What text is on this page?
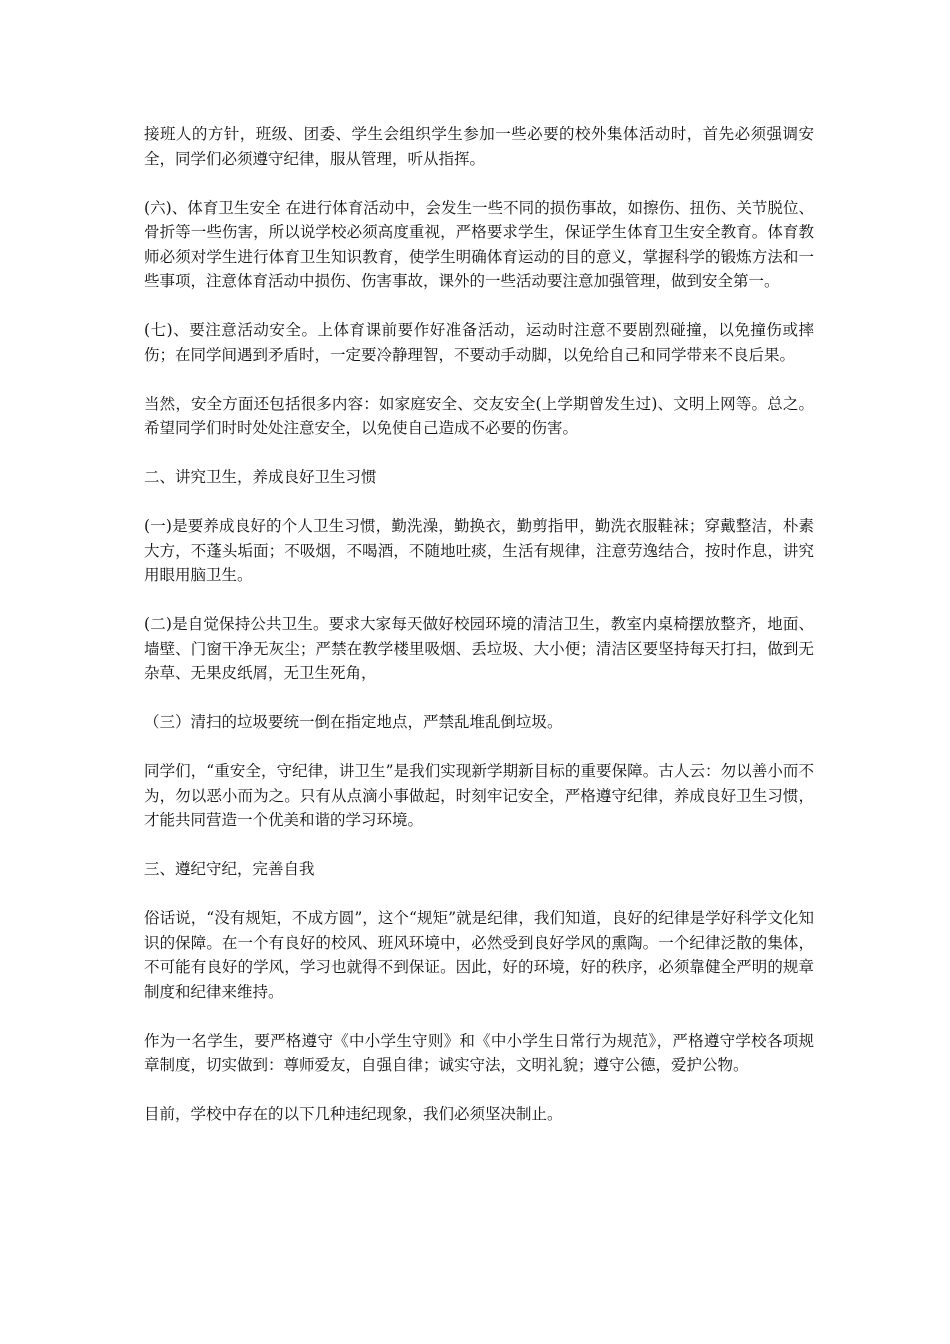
接班人的方针，班级、团委、学生会组织学生参加一些必要的校外集体活动时，首先必须强调安全，同学们必须遵守纪律，服从管理，听从指挥。

(六)、体育卫生安全 在进行体育活动中，会发生一些不同的损伤事故，如擦伤、扭伤、关节脱位、骨折等一些伤害，所以说学校必须高度重视，严格要求学生，保证学生体育卫生安全教育。体育教师必须对学生进行体育卫生知识教育，使学生明确体育运动的目的意义，掌握科学的锻炼方法和一些事项，注意体育活动中损伤、伤害事故，课外的一些活动要注意加强管理，做到安全第一。

(七)、要注意活动安全。上体育课前要作好准备活动，运动时注意不要剧烈碰撞，以免撞伤或摔伤；在同学间遇到矛盾时，一定要冷静理智，不要动手动脚，以免给自己和同学带来不良后果。

当然，安全方面还包括很多内容：如家庭安全、交友安全(上学期曾发生过)、文明上网等。总之。希望同学们时时处处注意安全，以免使自己造成不必要的伤害。

二、讲究卫生，养成良好卫生习惯

(一)是要养成良好的个人卫生习惯，勤洗澡，勤换衣，勤剪指甲，勤洗衣服鞋袜；穿戴整洁，朴素大方，不蓬头垢面；不吸烟，不喝酒，不随地吐痰，生活有规律，注意劳逸结合，按时作息，讲究用眼用脑卫生。

(二)是自觉保持公共卫生。要求大家每天做好校园环境的清洁卫生，教室内桌椅摆放整齐，地面、墙壁、门窗干净无灰尘；严禁在教学楼里吸烟、丢垃圾、大小便；清洁区要坚持每天打扫，做到无杂草、无果皮纸屑，无卫生死角，

（三）清扫的垃圾要统一倒在指定地点，严禁乱堆乱倒垃圾。

同学们，“重安全，守纪律，讲卫生”是我们实现新学期新目标的重要保障。古人云：勿以善小而不为，勿以恶小而为之。只有从点滴小事做起，时刻牢记安全，严格遵守纪律，养成良好卫生习惯，才能共同营造一个优美和谐的学习环境。

三、遵纪守纪，完善自我

俗话说，“没有规矩，不成方圆”，这个“规矩”就是纪律，我们知道，良好的纪律是学好科学文化知识的保障。在一个有良好的校风、班风环境中，必然受到良好学风的熏陶。一个纪律泛散的集体，不可能有良好的学风，学习也就得不到保证。因此，好的环境，好的秩序，必须靠健全严明的规章制度和纪律来维持。

作为一名学生，要严格遵守《中小学生守则》和《中小学生日常行为规范》，严格遵守学校各项规章制度，切实做到：尊师爱友，自强自律；诚实守法，文明礼貌；遵守公德，爱护公物。

目前，学校中存在的以下几种违纪现象，我们必须坚决制止。
